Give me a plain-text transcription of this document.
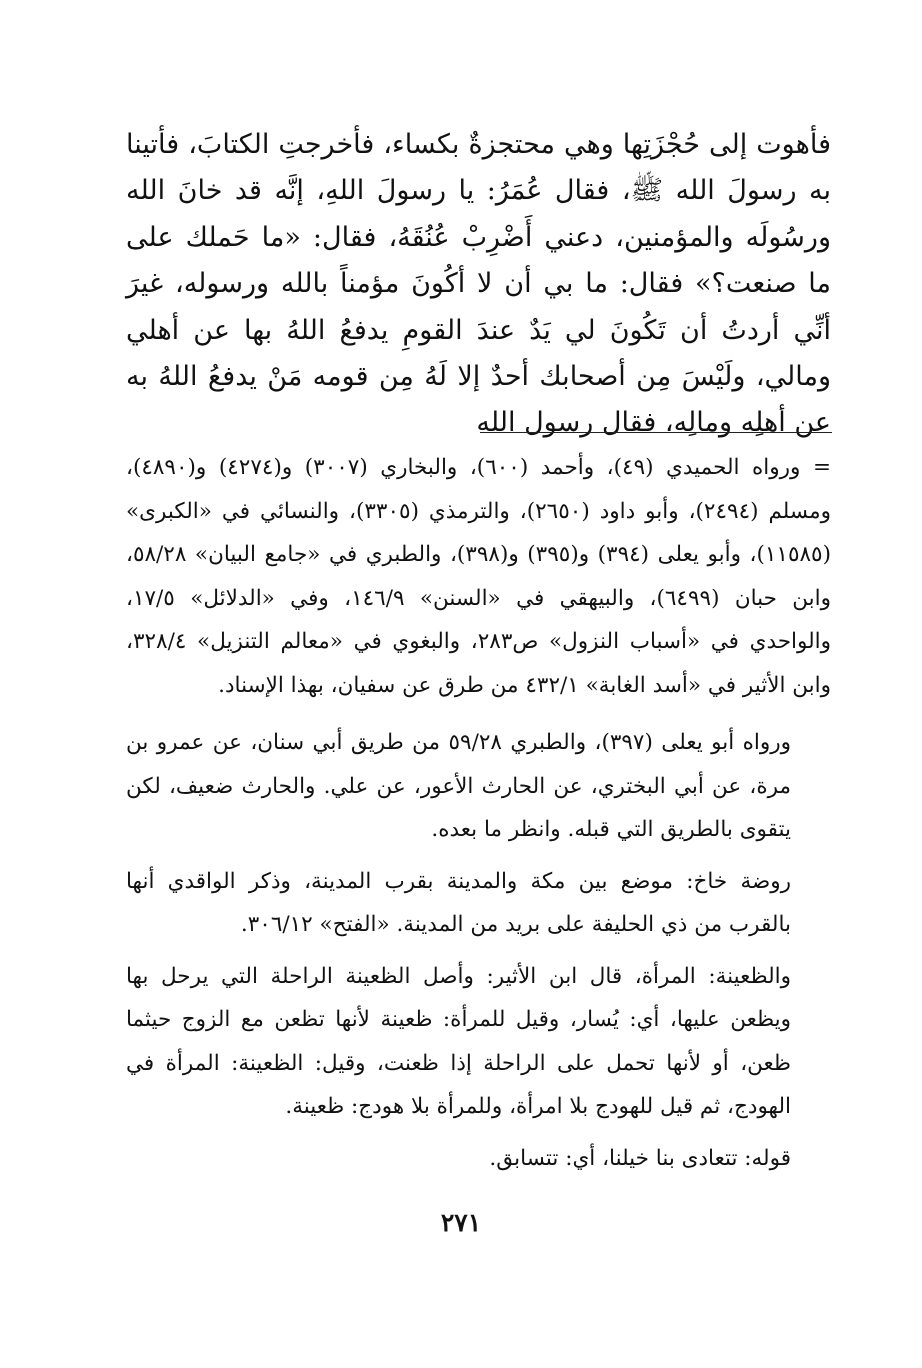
فأهوت إلى حُجْزَتِها وهي محتجزةٌ بكساء، فأخرجتِ الكتابَ، فأتينا به رسولَ الله ﷺ، فقال عُمَرُ: يا رسولَ اللهِ، إنَّه قد خانَ الله ورسُولَه والمؤمنين، دعني أَضْرِبْ عُنُقَهُ، فقال: «ما حَملك على ما صنعت؟» فقال: ما بي أن لا أكُونَ مؤمناً بالله ورسوله، غيرَ أنِّي أردتُ أن تَكُونَ لي يَدٌ عندَ القومِ يدفعُ اللهُ بها عن أهلي ومالي، ولَيْسَ مِن أصحابك أحدٌ إلا لَهُ مِن قومه مَنْ يدفعُ اللهُ به عن أهلِه ومالِه، فقال رسول الله

= ورواه الحميدي (٤٩)، وأحمد (٦٠٠)، والبخاري (٣٠٠٧) و(٤٢٧٤) و(٤٨٩٠)، ومسلم (٢٤٩٤)، وأبو داود (٢٦٥٠)، والترمذي (٣٣٠٥)، والنسائي في «الكبرى» (١١٥٨٥)، وأبو يعلى (٣٩٤) و(٣٩٥) و(٣٩٨)، والطبري في «جامع البيان» ٥٨/٢٨، وابن حبان (٦٤٩٩)، والبيهقي في «السنن» ١٤٦/٩، وفي «الدلائل» ١٧/٥، والواحدي في «أسباب النزول» ص٢٨٣، والبغوي في «معالم التنزيل» ٣٢٨/٤، وابن الأثير في «أسد الغابة» ٤٣٢/١ من طرق عن سفيان، بهذا الإسناد.

ورواه أبو يعلى (٣٩٧)، والطبري ٥٩/٢٨ من طريق أبي سنان، عن عمرو بن مرة، عن أبي البختري، عن الحارث الأعور، عن علي. والحارث ضعيف، لكن يتقوى بالطريق التي قبله. وانظر ما بعده.

روضة خاخ: موضع بين مكة والمدينة بقرب المدينة، وذكر الواقدي أنها بالقرب من ذي الحليفة على بريد من المدينة. «الفتح» ٣٠٦/١٢.

والظعينة: المرأة، قال ابن الأثير: وأصل الظعينة الراحلة التي يرحل بها ويظعن عليها، أي: يُسار، وقيل للمرأة: ظعينة لأنها تظعن مع الزوج حيثما ظعن، أو لأنها تحمل على الراحلة إذا ظعنت، وقيل: الظعينة: المرأة في الهودج، ثم قيل للهودج بلا امرأة، وللمرأة بلا هودج: ظعينة.

قوله: تتعادى بنا خيلنا، أي: تتسابق.

٢٧١
